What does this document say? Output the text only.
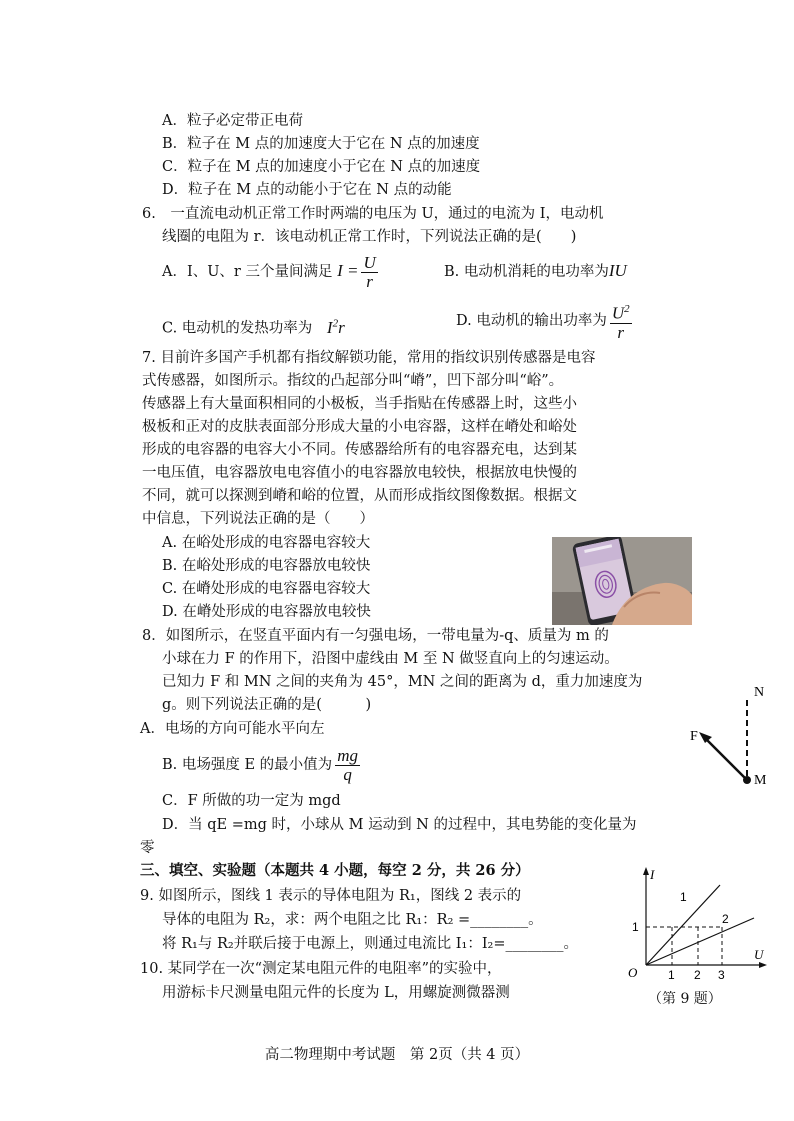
A．粒子必定带正电荷
B．粒子在 M 点的加速度大于它在 N 点的加速度
C．粒子在 M 点的加速度小于它在 N 点的加速度
D．粒子在 M 点的动能小于它在 N 点的动能
6.　一直流电动机正常工作时两端的电压为 U，通过的电流为 I，电动机
线圈的电阻为 r．该电动机正常工作时，下列说法正确的是(　　)
A．I、U、r 三个量间满足 $I = \frac{U}{r}$	B. 电动机消耗的电功率为IU
C. 电动机的发热功率为 $I^2r$	D. 电动机的输出功率为 $\frac{U^2}{r}$
7. 目前许多国产手机都有指纹解锁功能，常用的指纹识别传感器是电容
式传感器，如图所示。指纹的凸起部分叫“嵴”，凹下部分叫“峪”。
传感器上有大量面积相同的小极板，当手指贴在传感器上时，这些小
极板和正对的皮肤表面部分形成大量的小电容器，这样在嵴处和峪处
形成的电容器的电容大小不同。传感器给所有的电容器充电，达到某
一电压值，电容器放电电容值小的电容器放电较快，根据放电快慢的
不同，就可以探测到嵴和峪的位置，从而形成指纹图像数据。根据文
中信息，下列说法正确的是（　　）
A. 在峪处形成的电容器电容较大
B. 在峪处形成的电容器放电较快
C. 在嵴处形成的电容器电容较大
D. 在嵴处形成的电容器放电较快
8．如图所示，在竖直平面内有一匀强电场，一带电量为-q、质量为 m 的
小球在力 F 的作用下，沿图中虚线由 M 至 N 做竖直向上的匀速运动。
已知力 F 和 MN 之间的夹角为 45°，MN 之间的距离为 d，重力加速度为
g。则下列说法正确的是(　　　)
A．电场的方向可能水平向左
B. 电场强度 E 的最小值为 $\frac{mg}{q}$
C．F 所做的功一定为 mgd
D．当 qE =mg 时，小球从 M 运动到 N 的过程中，其电势能的变化量为
零
N
F
M
三、填空、实验题（本题共 4 小题，每空 2 分，共 26 分）
9. 如图所示，图线 1 表示的导体电阻为 R₁，图线 2 表示的
导体的电阻为 R₂，求：两个电阻之比 R₁：R₂ =________。
将 R₁与 R₂并联后接于电源上，则通过电流比 I₁：I₂=________。
I
U
O
1
1 2 3
1
2
（第 9 题）
10. 某同学在一次“测定某电阻元件的电阻率”的实验中，
用游标卡尺测量电阻元件的长度为 L，用螺旋测微器测
高二物理期中考试题　第 2页（共 4 页）
